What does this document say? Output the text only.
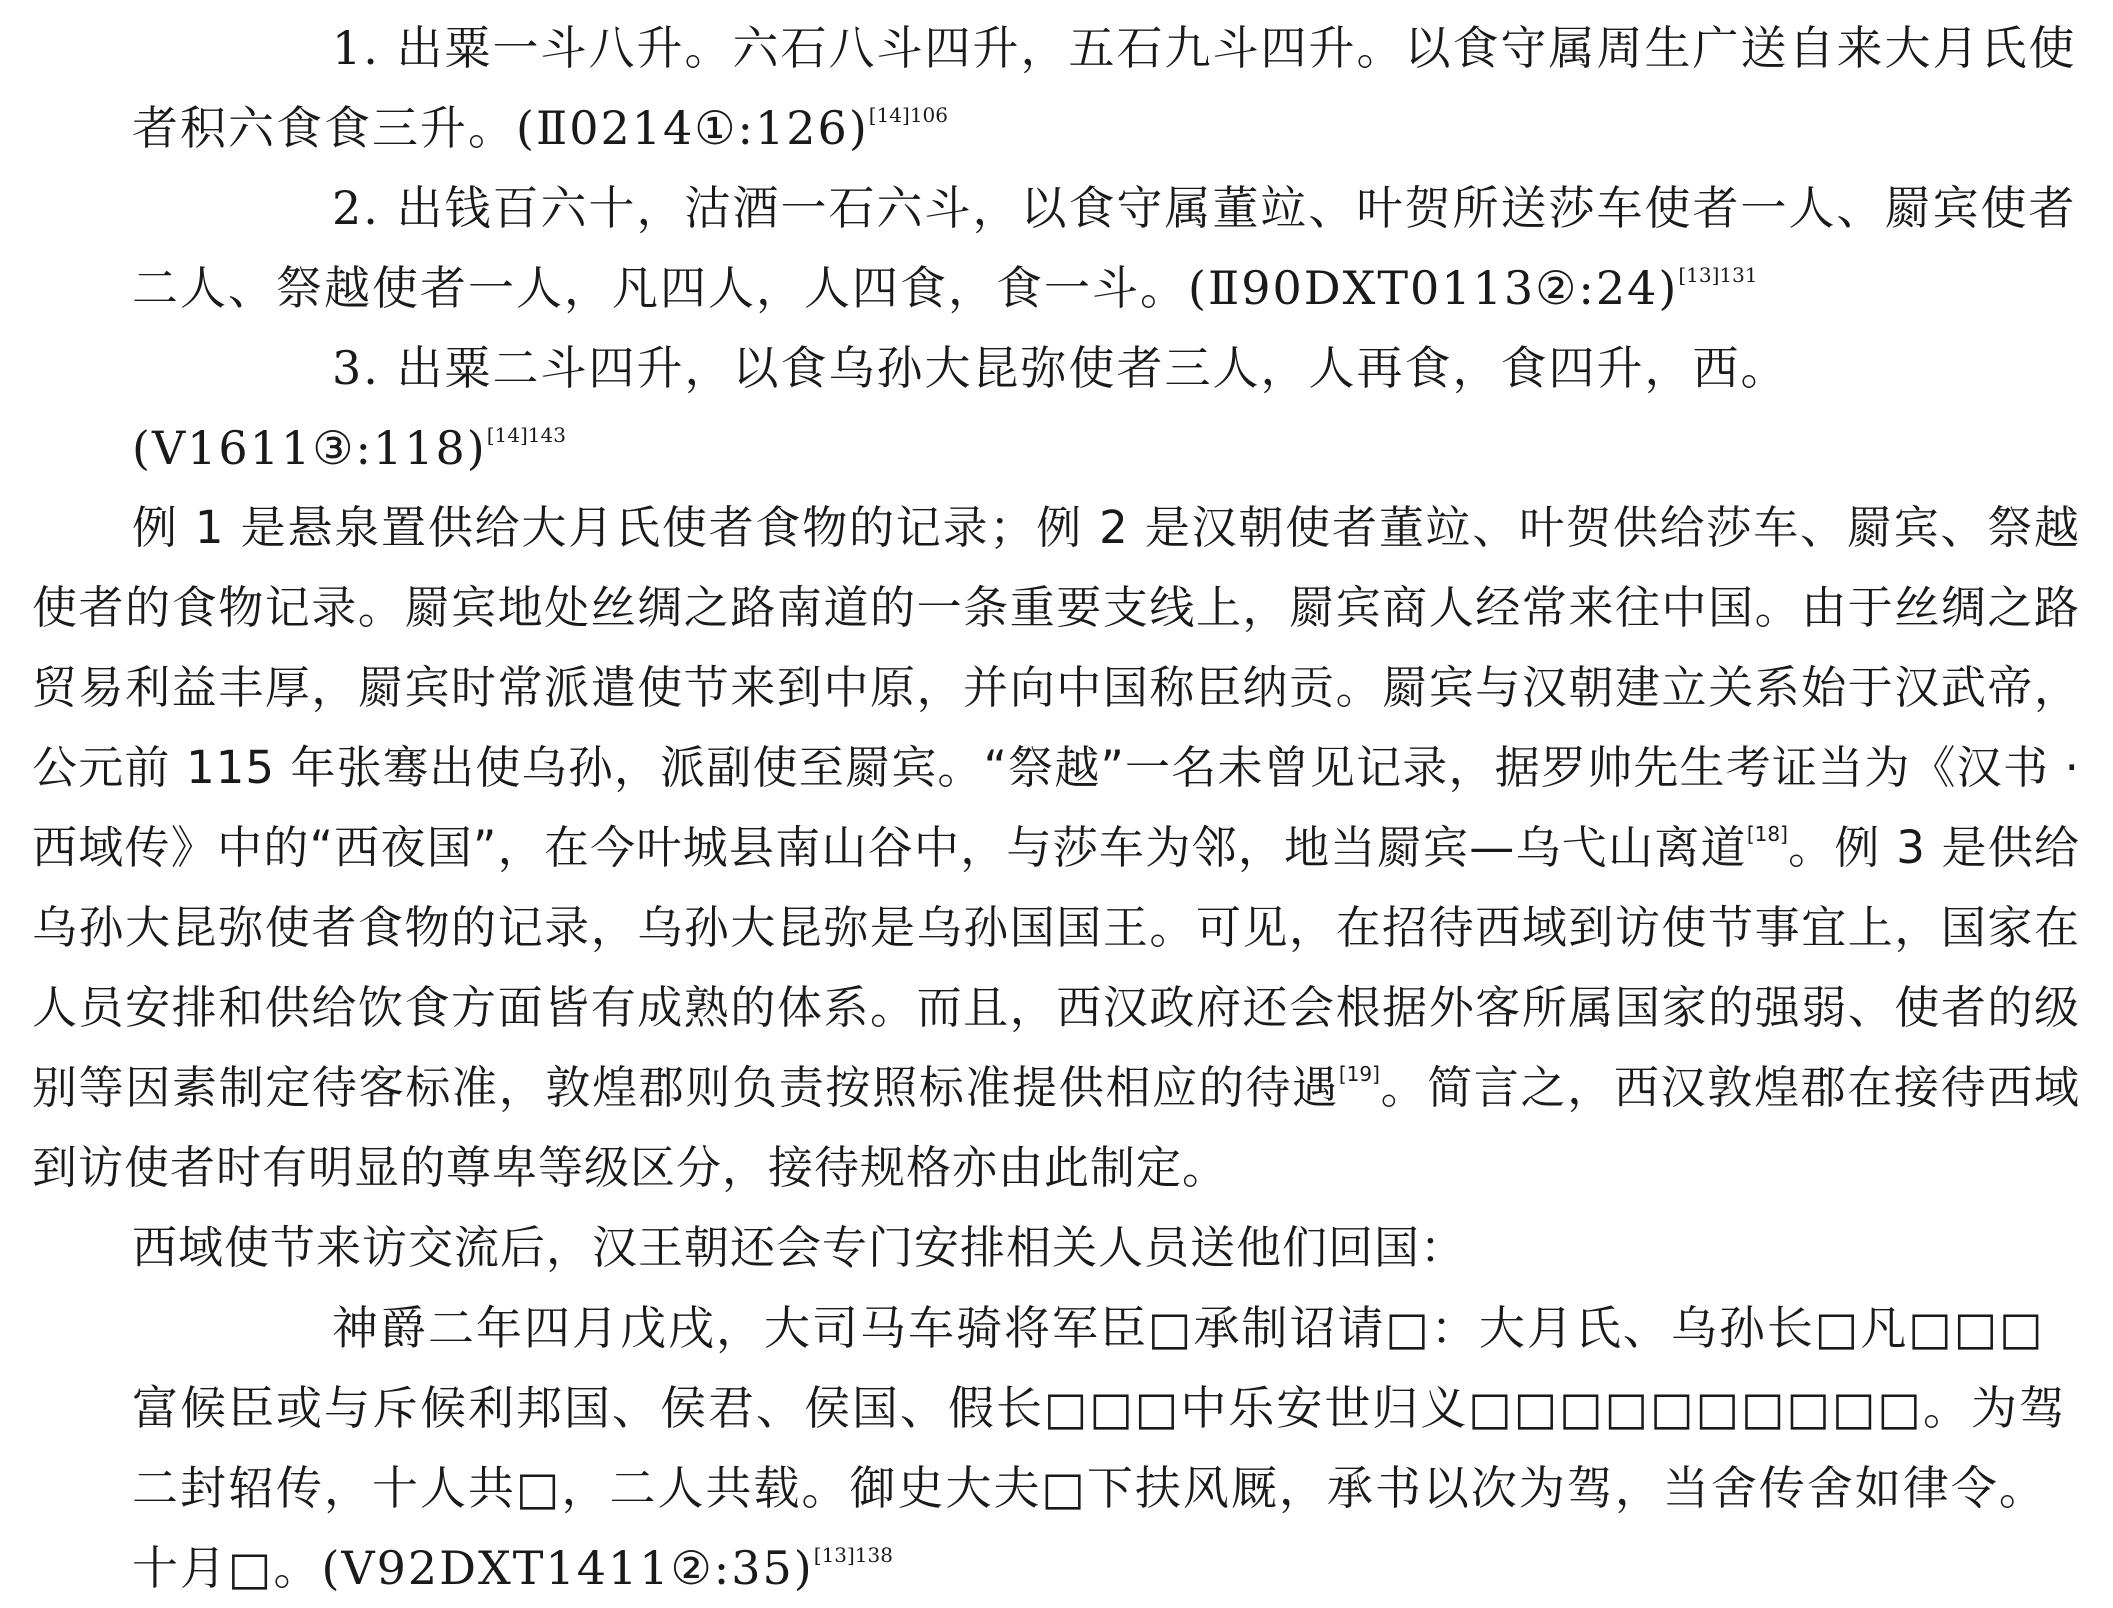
1. 出粟一斗八升。六石八斗四升，五石九斗四升。以食守属周生广送自来大月氏使者积六食食三升。(Ⅱ0214①:126)$^{[14]106}$

2. 出钱百六十，沽酒一石六斗，以食守属董竝、叶贺所送莎车使者一人、罽宾使者二人、祭越使者一人，凡四人，人四食，食一斗。(Ⅱ90DXT0113②:24)$^{[13]131}$

3. 出粟二斗四升，以食乌孙大昆弥使者三人，人再食，食四升，西。(V1611③:118)$^{[14]143}$

例 1 是悬泉置供给大月氏使者食物的记录；例 2 是汉朝使者董竝、叶贺供给莎车、罽宾、祭越使者的食物记录。罽宾地处丝绸之路南道的一条重要支线上，罽宾商人经常来往中国。由于丝绸之路贸易利益丰厚，罽宾时常派遣使节来到中原，并向中国称臣纳贡。罽宾与汉朝建立关系始于汉武帝，公元前 115 年张骞出使乌孙，派副使至罽宾。“祭越”一名未曾见记录，据罗帅先生考证当为《汉书 · 西域传》中的“西夜国”，在今叶城县南山谷中，与莎车为邻，地当罽宾—乌弋山离道[18]。例 3 是供给乌孙大昆弥使者食物的记录，乌孙大昆弥是乌孙国国王。可见，在招待西域到访使节事宜上，国家在人员安排和供给饮食方面皆有成熟的体系。而且，西汉政府还会根据外客所属国家的强弱、使者的级别等因素制定待客标准，敦煌郡则负责按照标准提供相应的待遇[19]。简言之，西汉敦煌郡在接待西域到访使者时有明显的尊卑等级区分，接待规格亦由此制定。

西域使节来访交流后，汉王朝还会专门安排相关人员送他们回国：

神爵二年四月戊戌，大司马车骑将军臣□承制诏请□：大月氏、乌孙长□凡□□□富候臣或与斥候利邦国、侯君、侯国、假长□□□中乐安世归义□□□□□□□□□□。为驾二封轺传，十人共□，二人共载。御史大夫□下扶风厩，承书以次为驾，当舍传舍如律令。十月□。(V92DXT1411②:35)$^{[13]138}$
